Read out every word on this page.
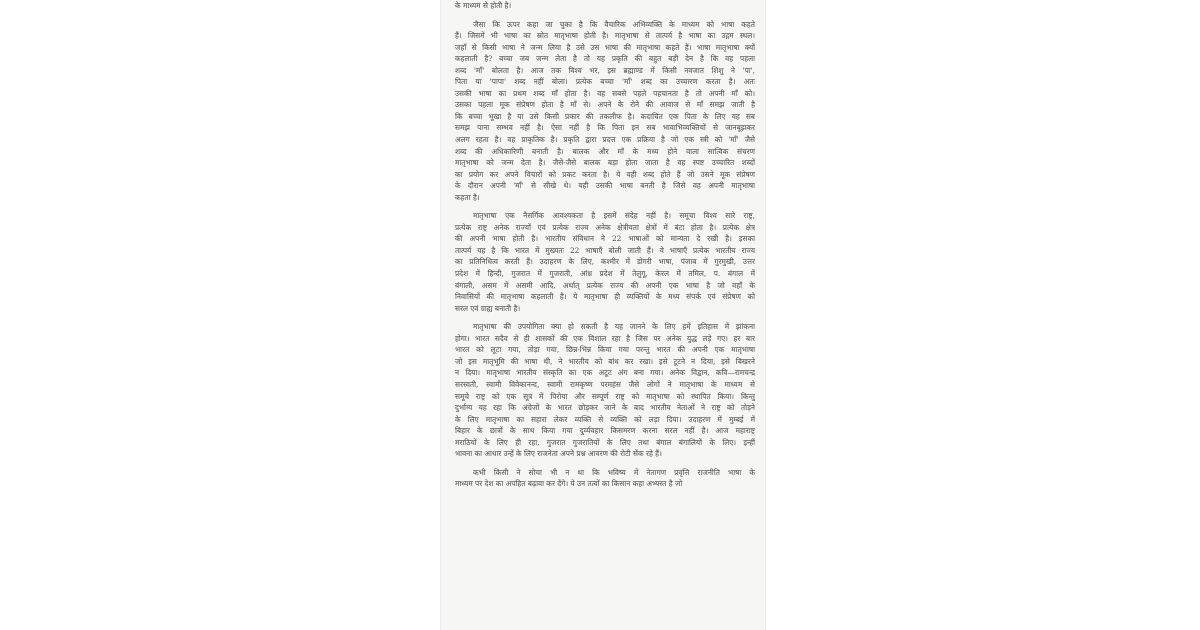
के माध्यम से होती है।
जैसा कि ऊपर कहा जा चुका है कि वैचारिक अभिव्यक्ति के माध्यम को भाषा कहते
हैं। जिसमें भी भाषा का स्रोत मातृभाषा होती है। मातृभाषा से तात्पर्य है भाषा का उद्गम स्थल।
जहाँ से किसी भाषा ने जन्म लिया है उसे उस भाषा की मातृभाषा कहते हैं। भाषा मातृभाषा क्यों
कहलाती है? बच्चा जब जन्म लेता है तो यह प्रकृति की बहुत बड़ी देन है कि वह पहला
शब्द 'माँ' बोलता है। आज तक विश्व भर, इस ब्रह्माण्ड में किसी नवजात शिशु ने 'पा',
पिता या 'पापा' शब्द नहीं बोला। प्रत्येक बच्चा 'माँ' शब्द का उच्चारण करता है। अतः
उसकी भाषा का प्रथम शब्द माँ होता है। वह सबसे पहले पहचानता है तो अपनी माँ को।
उसका पहला मूक संप्रेषण होता है माँ से। अपने के रोने की आवाज से माँ समझ जाती है
कि बच्चा भूखा है या उसे किसी प्रकार की तकलीफ है। कदाचित एक पिता के लिए यह सब
समझ पाना सम्भव नहीं है। ऐसा नहीं है कि पिता इन सब भावाभिव्यक्तियों से जानबूझकर
अलग रहता है। वह प्राकृतिक है। प्रकृति द्वारा प्रदत्त एक प्रक्रिया है जो एक स्त्री को 'माँ' जैसे
शब्द की अधिकारिणी बनाती है। बालक और माँ के मध्य होने वाला सात्विक संचरण
मातृभाषा को जन्म देता है। जैसे-जैसे बालक बड़ा होता जाता है वह स्पष्ट उच्चारित शब्दों
का प्रयोग कर अपने विचारों को प्रकट करता है। ये वही शब्द होते हैं जो उसने मूक संप्रेषण
के दौरान अपनी 'माँ' से सीखे थे। यही उसकी भाषा बनती है जिसे वह अपनी मातृभाषा
कहता है।
मातृभाषा एक नैसर्गिक आवश्यकता है इसमें संदेह नहीं है। समूचा विश्व सारे राष्ट्र,
प्रत्येक राष्ट्र अनेक राज्यों एवं प्रत्येक राज्य अनेक क्षेत्रीयता क्षेत्रों में बंटा होता है। प्रत्येक क्षेत्र
की अपनी भाषा होती है। भारतीय संविधान ने 22 भाषाओं को मान्यता दे रखी है। इसका
तात्पर्य यह है कि भारत में मुख्यतः 22 भाषाएँ बोली जाती हैं। ये भाषाएँ प्रत्येक भारतीय राज्य
का प्रतिनिधित्व करती हैं। उदाहरण के लिए, कश्मीर में डोगरी भाषा, पंजाब में गुरमुखी, उत्तर
प्रदेश में हिन्दी, गुजरात में गुजराती, आंध्र प्रदेश में तेलुगू, केरल में तमिल, प. बंगाल में
बंगाली, असम में असमी आदि, अर्थात् प्रत्येक राज्य की अपनी एक भाषा है जो वहाँ के
निवासियों की मातृभाषा कहलाती है। ये मातृभाषा ही व्यक्तियों के मध्य संपर्क एवं संप्रेषण को
सरल एवं ग्राह्य बनाती है।
मातृभाषा की उपयोगिता क्या हो सकती है यह जानने के लिए हमें इतिहास में झांकना
होगा। भारत सदैव से ही शासकों की एक विशाल रहा है जिस पर अनेक युद्ध लड़े गए। हर बार
भारत को लूटा गया, तोड़ा गया, छिन्न-भिन्न किया गया परन्तु भारत की अपनी एक मातृभाषा
जो इस मातृभूमि की भाषा थी, ने भारतीय को बांध कर रखा। इसे टूटने न दिया, इसे बिखरने
न दिया। मातृभाषा भारतीय संस्कृति का एक अटूट अंग बना गया। अनेक विद्वान, कवि—रामचन्द्र
सरस्वती, स्वामी विवेकानन्द, स्वामी रामकृष्ण परमहंस जैसे लोगों ने मातृभाषा के माध्यम से
समूचे राष्ट्र को एक सूत्र में पिरोया और सम्पूर्ण राष्ट्र को मातृभाषा को स्थापित किया। किन्तु
दुर्भाग्य यह रहा कि अंग्रेजों के भारत छोड़कर जाने के बाद भारतीय नेताओं ने राष्ट्र को तोड़ने
के लिए मातृभाषा का सहारा लेकर व्यक्ति से व्यक्ति को लड़ा दिया। उदाहरण में मुम्बई में
बिहार के छात्रों के साथ किया गया दुर्व्यवहार किसमरण करना सरल नहीं है। आज महाराष्ट्र
मराठियों के लिए ही रहा, गुजरात गुजरातियों के लिए तथा बंगाल बंगालियों के लिए। इन्हीं
भावना का आधार उन्हें के लिए राजनेता अपने प्रश्न आवरण की रोटी सेंक रहे हैं।
कभी किसी ने सोचा भी न था कि भविष्य में नेतागण प्रवृत्ति राजनीति भाषा के
माध्यम पर देश का अपहित बढ़ावा कर देंगे। ये उन तत्वों का किसान कहा अभ्यस्त है जो
